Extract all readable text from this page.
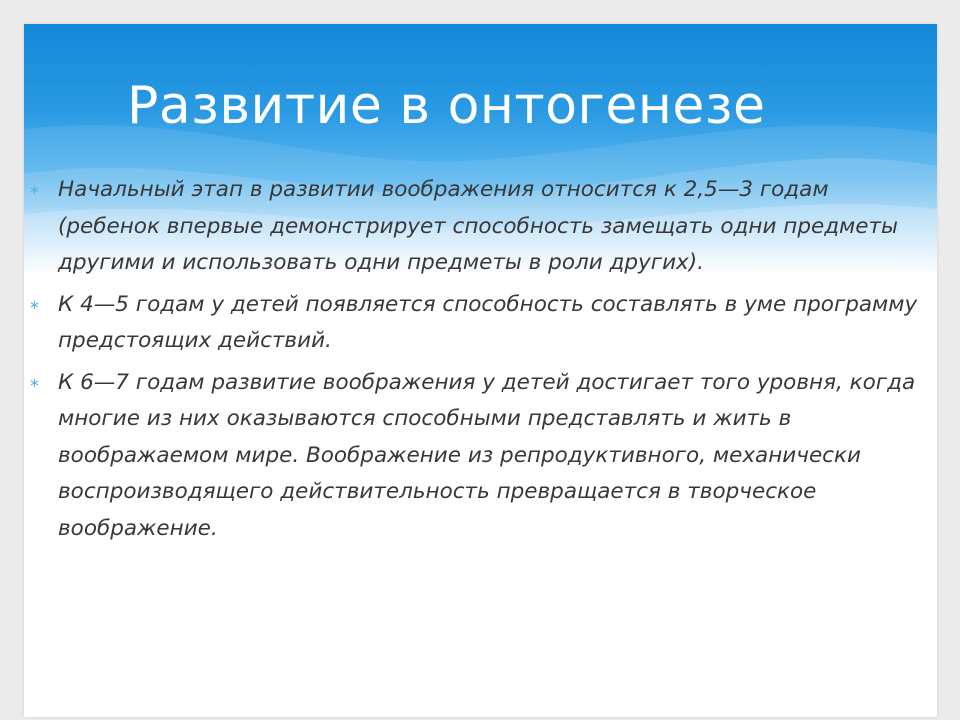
Развитие в онтогенезе
∗ Начальный этап в развитии воображения относится к 2,5—3 годам (ребенок впервые демонстрирует способность замещать одни предметы другими и использовать одни предметы в роли других).
∗ К 4—5 годам у детей появляется способность составлять в уме программу предстоящих действий.
∗ К 6—7 годам развитие воображения у детей достигает того уровня, когда многие из них оказываются способными представлять и жить в воображаемом мире. Воображение из репродуктивного, механически воспроизводящего действительность превращается в творческое воображение.
